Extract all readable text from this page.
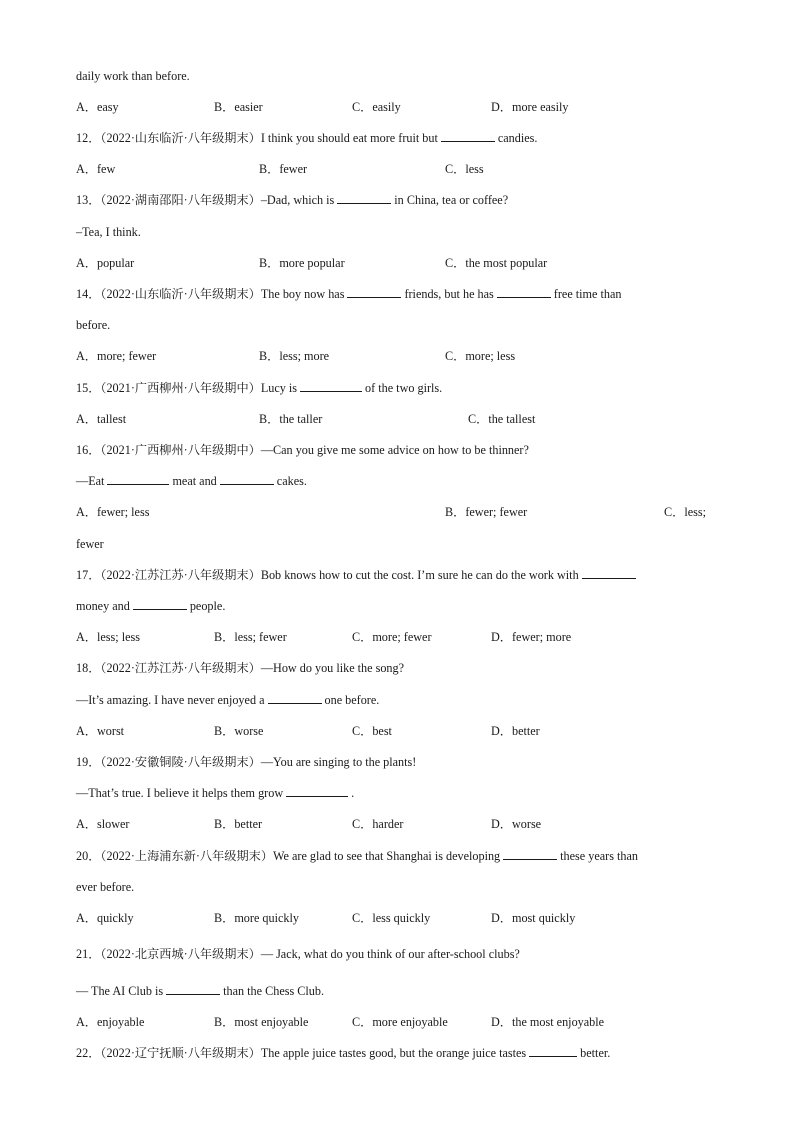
daily work than before.
A．easy	B．easier	C．easily	D．more easily
12．（2022·山东临沂·八年级期末）I think you should eat more fruit but	candies.
A．few	B．fewer	C．less
13．（2022·湖南邵阳·八年级期末）–Dad, which is	in China, tea or coffee?
–Tea, I think.
A．popular	B．more popular	C．the most popular
14．（2022·山东临沂·八年级期末）The boy now has	friends, but he has	free time than
before.
A．more; fewer	B．less; more	C．more; less
15．（2021·广西柳州·八年级期中）Lucy is	of the two girls.
A．tallest	B．the taller	C．the tallest
16．（2021·广西柳州·八年级期中）—Can you give me some advice on how to be thinner?
—Eat	meat and	cakes.
A．fewer; less	B．fewer; fewer	C．less;
fewer
17．（2022·江苏江苏·八年级期末）Bob knows how to cut the cost. I’m sure he can do the work with
money and	people.
A．less; less	B．less; fewer	C．more; fewer	D．fewer; more
18．（2022·江苏江苏·八年级期末）—How do you like the song?
—It’s amazing. I have never enjoyed a	one before.
A．worst	B．worse	C．best	D．better
19．（2022·安徽铜陵·八年级期末）—You are singing to the plants!
—That’s true. I believe it helps them grow	.
A．slower	B．better	C．harder	D．worse
20．（2022·上海浦东新·八年级期末）We are glad to see that Shanghai is developing	these years than
ever before.
A．quickly	B．more quickly	C．less quickly	D．most quickly
21．（2022·北京西城·八年级期末）— Jack, what do you think of our after-school clubs?
— The AI Club is	than the Chess Club.
A．enjoyable	B．most enjoyable	C．more enjoyable	D．the most enjoyable
22．（2022·辽宁抚顺·八年级期末）The apple juice tastes good, but the orange juice tastes	better.
